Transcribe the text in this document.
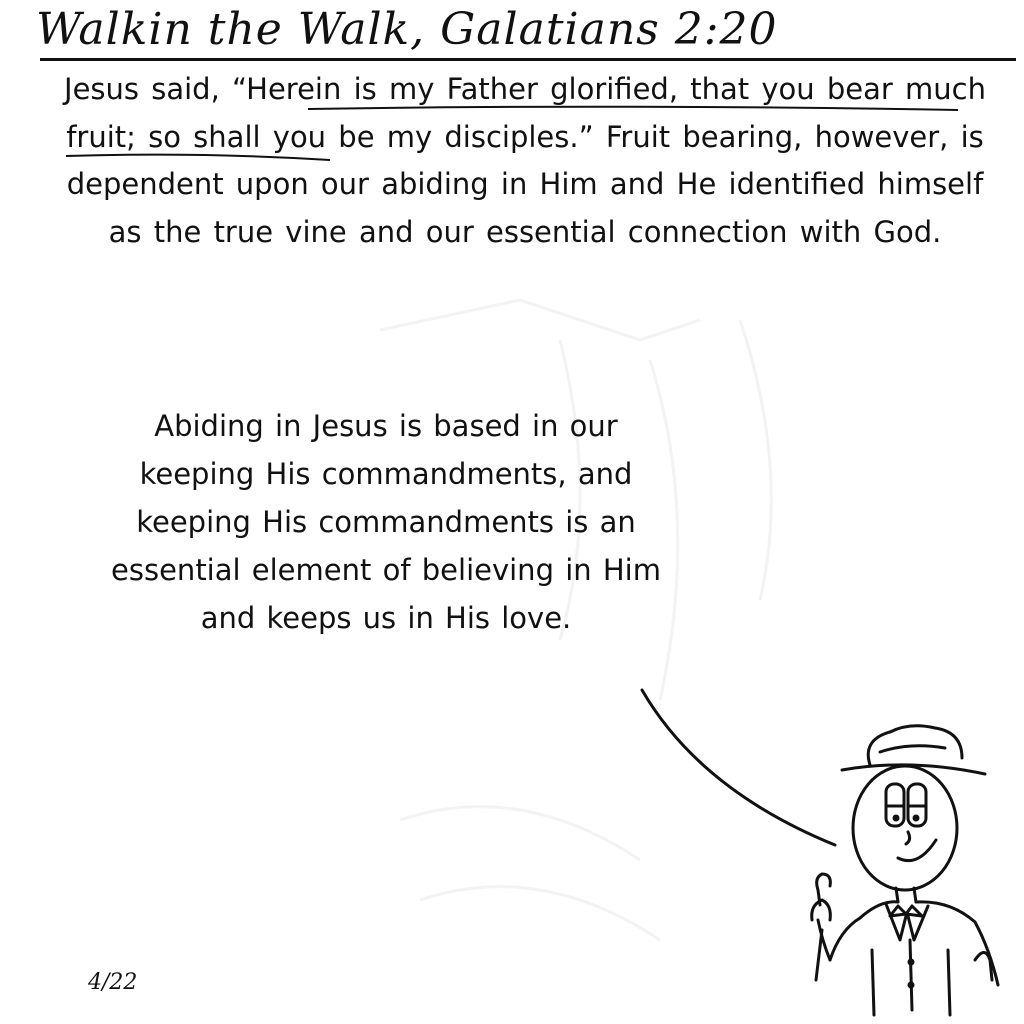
Walkin the Walk, Galatians 2:20
Jesus said, “Herein is my Father glorified, that you bear much fruit; so shall you be my disciples.” Fruit bearing, however, is dependent upon our abiding in Him and He identified himself as the true vine and our essential connection with God.
Abiding in Jesus is based in our keeping His commandments, and keeping His commandments is an essential element of believing in Him and keeps us in His love.
4/22
